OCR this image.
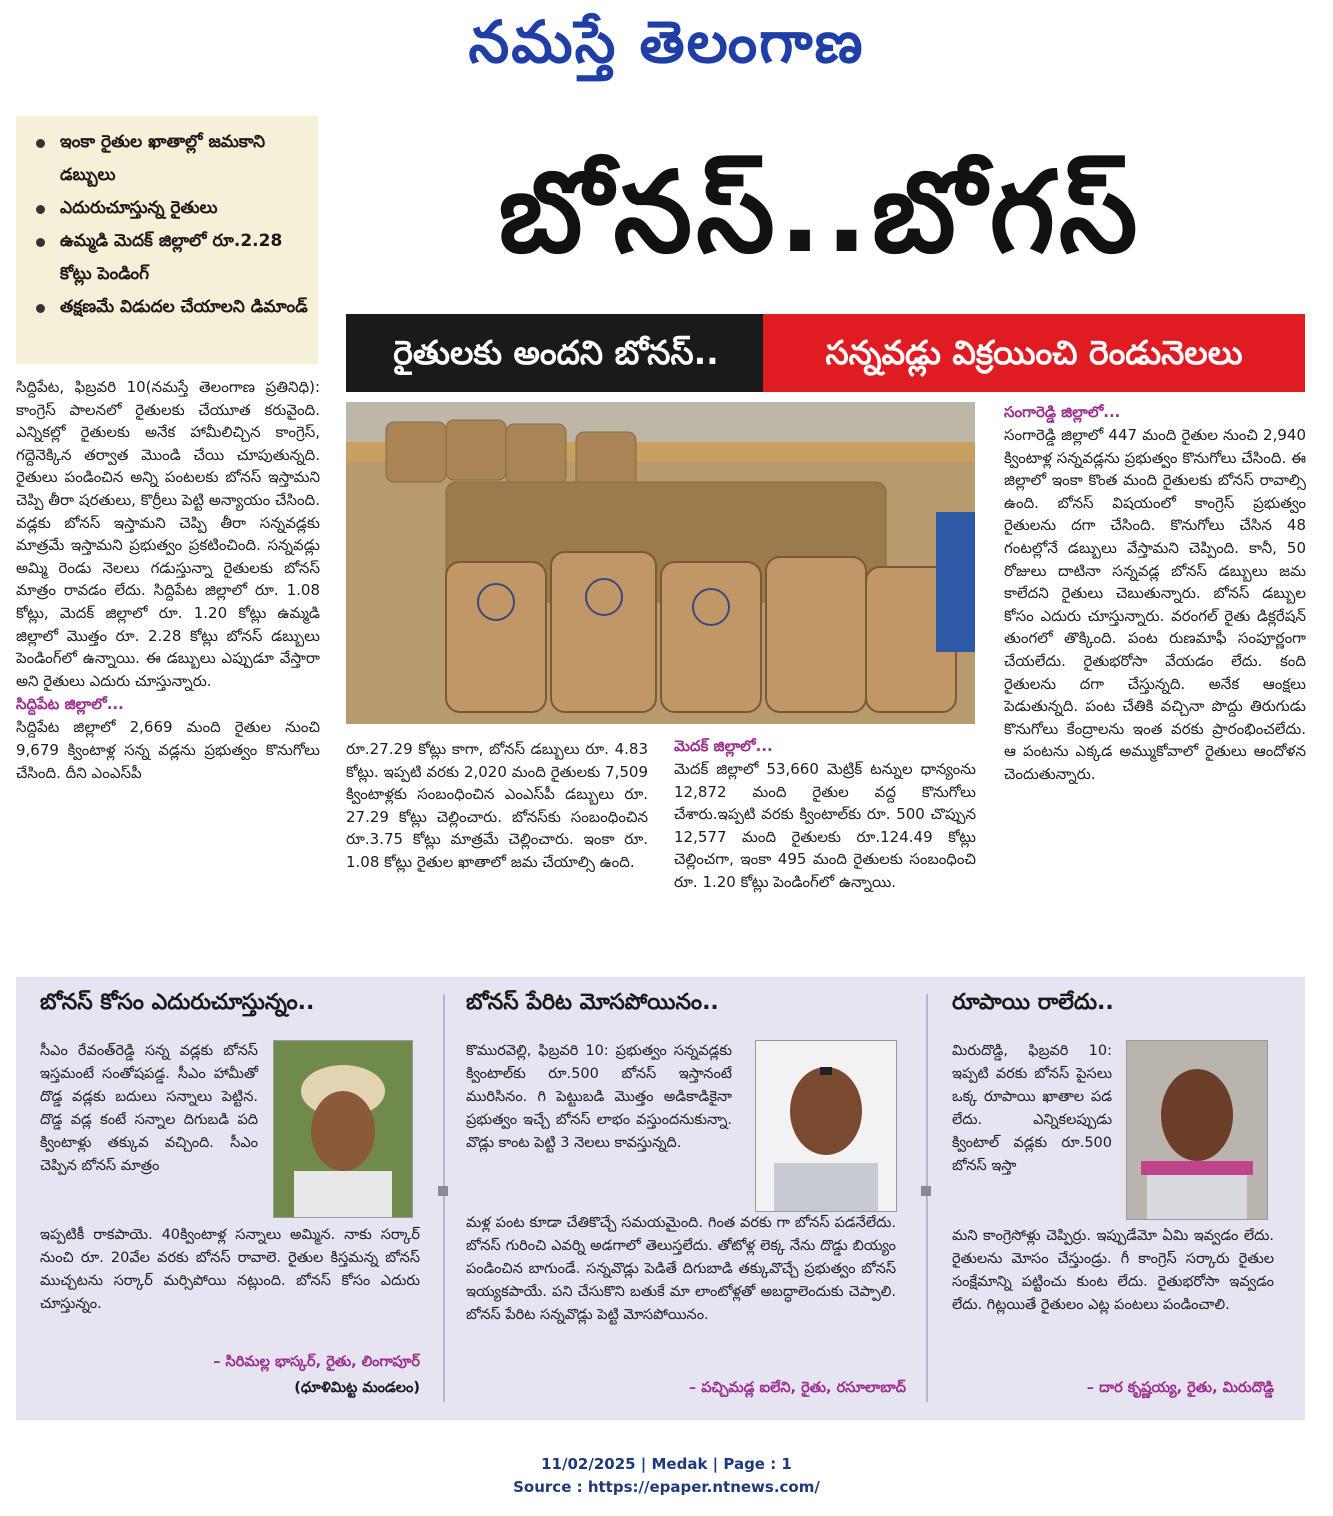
నమస్తే తెలంగాణ
ఇంకా రైతుల ఖాతాల్లో జమకాని డబ్బులు
ఎదురుచూస్తున్న రైతులు
ఉమ్మడి మెదక్ జిల్లాలో రూ.2.28 కోట్లు పెండింగ్
తక్షణమే విడుదల చేయాలని డిమాండ్
బోనస్..బోగస్
రైతులకు అందని బోనస్..	సన్నవడ్లు విక్రయించి రెండునెలలు
సిద్దిపేట, ఫిబ్రవరి 10(నమస్తే తెలంగాణ ప్రతినిధి): కాంగ్రెస్ పాలనలో రైతులకు చేయూత కరువైంది. ఎన్నికల్లో రైతులకు అనేక హామీలిచ్చిన కాంగ్రెస్, గద్దెనెక్కిన తర్వాత మొండి చేయి చూపుతున్నది. రైతులు పండించిన అన్ని పంటలకు బోనస్ ఇస్తామని చెప్పి తీరా షరతులు, కొర్రీలు పెట్టి అన్యాయం చేసింది. వడ్లకు బోనస్ ఇస్తామని చెప్పి తీరా సన్నవడ్లకు మాత్రమే ఇస్తామని ప్రభుత్వం ప్రకటించింది. సన్నవడ్లు అమ్మి రెండు నెలలు గడుస్తున్నా రైతులకు బోనస్ మాత్రం రావడం లేదు. సిద్దిపేట జిల్లాలో రూ. 1.08 కోట్లు, మెదక్ జిల్లాలో రూ. 1.20 కోట్లు ఉమ్మడి జిల్లాలో మొత్తం రూ. 2.28 కోట్లు బోనస్ డబ్బులు పెండింగ్‌లో ఉన్నాయి. ఈ డబ్బులు ఎప్పుడూ వేస్తారా అని రైతులు ఎదురు చూస్తున్నారు.
సిద్దిపేట జిల్లాలో...
సిద్దిపేట జిల్లాలో 2,669 మంది రైతుల నుంచి 9,679 క్వింటాళ్ల సన్న వడ్లను ప్రభుత్వం కొనుగోలు చేసింది. దీని ఎంఎస్‌పీ
రూ.27.29 కోట్లు కాగా, బోనస్ డబ్బులు రూ. 4.83 కోట్లు. ఇప్పటి వరకు 2,020 మంది రైతులకు 7,509 క్వింటాళ్లకు సంబంధించిన ఎంఎస్‌పీ డబ్బులు రూ. 27.29 కోట్లు చెల్లించారు. బోనస్‌కు సంబంధించిన రూ.3.75 కోట్లు మాత్రమే చెల్లించారు. ఇంకా రూ. 1.08 కోట్లు రైతుల ఖాతాలో జమ చేయాల్సి ఉంది.
మెదక్ జిల్లాలో...
మెదక్ జిల్లాలో 53,660 మెట్రిక్ టన్నుల ధాన్యంను 12,872 మంది రైతుల వద్ద కొనుగోలు చేశారు.ఇప్పటి వరకు క్వింటాల్‌కు రూ. 500 చొప్పున 12,577 మంది రైతులకు రూ.124.49 కోట్లు చెల్లించగా, ఇంకా 495 మంది రైతులకు సంబంధించి రూ. 1.20 కోట్లు పెండింగ్‌లో ఉన్నాయి.
సంగారెడ్డి జిల్లాలో...
సంగారెడ్డి జిల్లాలో 447 మంది రైతుల నుంచి 2,940 క్వింటాళ్ల సన్నవడ్లను ప్రభుత్వం కొనుగోలు చేసింది. ఈ జిల్లాలో ఇంకా కొంత మంది రైతులకు బోనస్ రావాల్సి ఉంది. బోనస్ విషయంలో కాంగ్రెస్ ప్రభుత్వం రైతులను దగా చేసింది. కొనుగోలు చేసిన 48 గంటల్లోనే డబ్బులు వేస్తామని చెప్పింది. కానీ, 50 రోజులు దాటినా సన్నవడ్ల బోనస్ డబ్బులు జమ కాలేదని రైతులు చెబుతున్నారు. బోనస్ డబ్బుల కోసం ఎదురు చూస్తున్నారు. వరంగల్ రైతు డిక్లరేషన్ తుంగలో తొక్కింది. పంట రుణమాఫీ సంపూర్ణంగా చేయలేదు. రైతుభరోసా వేయడం లేదు. కంది రైతులను దగా చేస్తున్నది. అనేక ఆంక్షలు పెడుతున్నది. పంట చేతికి వచ్చినా పొద్దు తిరుగుడు కొనుగోలు కేంద్రాలను ఇంత వరకు ప్రారంభించలేదు. ఆ పంటను ఎక్కడ అమ్ముకోవాలో రైతులు ఆందోళన చెందుతున్నారు.
బోనస్ కోసం ఎదురుచూస్తున్నం..
సీఎం రేవంత్‌రెడ్డి సన్న వడ్లకు బోనస్ ఇస్తమంటే సంతోషపడ్డ. సీఎం హామీతో దొడ్డ వడ్లకు బదులు సన్నాలు పెట్టిన. దొడ్డ వడ్ల కంటే సన్నాల దిగుబడి పది క్వింటాళ్లు తక్కువ వచ్చింది. సీఎం చెప్పిన బోనస్ మాత్రం
ఇప్పటికీ రాకపాయె. 40క్వింటాళ్ల సన్నాలు అమ్మిన. నాకు సర్కార్ నుంచి రూ. 20వేల వరకు బోనస్ రావాలె. రైతుల కిస్తమన్న బోనస్ ముచ్చటను సర్కార్ మర్సిపోయి నట్లుంది. బోనస్ కోసం ఎదురు చూస్తున్నం.
– సిరిమల్ల భాస్కర్, రైతు, లింగాపూర్
(ధూళిమిట్ట మండలం)
బోనస్ పేరిట మోసపోయినం..
కొమురవెల్లి, ఫిబ్రవరి 10: ప్రభుత్వం సన్నవడ్లకు క్వింటాల్‌కు రూ.500 బోనస్ ఇస్తానంటే మురిసినం. గి పెట్టుబడి మొత్తం అడికాడికైనా ప్రభుత్వం ఇచ్చే బోనస్ లాభం వస్తుందనుకున్నా. వొడ్లు కాంట పెట్టి 3 నెలలు కావస్తున్నది.
మళ్ల పంట కూడా చేతికొచ్చే సమయమైంది. గింత వరకు గా బోనస్ పడనేలేదు. బోనస్ గురించి ఎవర్ని అడగాలో తెలుస్తలేదు. తోటోళ్ల లెక్క నేను దొడ్డు బియ్యం పండించిన బాగుండే. సన్నవొడ్లు పెడితే దిగుబాడి తక్కువొచ్చే ప్రభుత్వం బోనస్ ఇయ్యకపాయే. పని చేసుకొని బతుకే మా లాంటోళ్లతో అబద్ధాలెందుకు చెప్పాలి. బోనస్ పేరిట సన్నవొడ్లు పెట్టి మోసపోయినం.
– పచ్చిమడ్ల ఐలేని, రైతు, రసూలాబాద్
రూపాయి రాలేదు..
మిరుదొడ్డి, ఫిబ్రవరి 10: ఇప్పటి వరకు బోనస్ పైసలు ఒక్క రూపాయి ఖాతాల పడ లేదు. ఎన్నికలప్పుడు క్వింటాల్ వడ్లకు రూ.500 బోనస్ ఇస్తా
మని కాంగ్రెసోళ్లు చెప్పిర్రు. ఇప్పుడేమో ఏమి ఇవ్వడం లేదు. రైతులను మోసం చేస్తుండ్రు. గీ కాంగ్రెస్ సర్కారు రైతుల సంక్షేమాన్ని పట్టించు కుంట లేదు. రైతుభరోసా ఇవ్వడం లేదు. గిట్లయితే రైతులం ఎట్ల పంటలు పండించాలి.
– దార కృష్ణయ్య, రైతు, మిరుదొడ్డి
11/02/2025 | Medak | Page : 1
Source : https://epaper.ntnews.com/
